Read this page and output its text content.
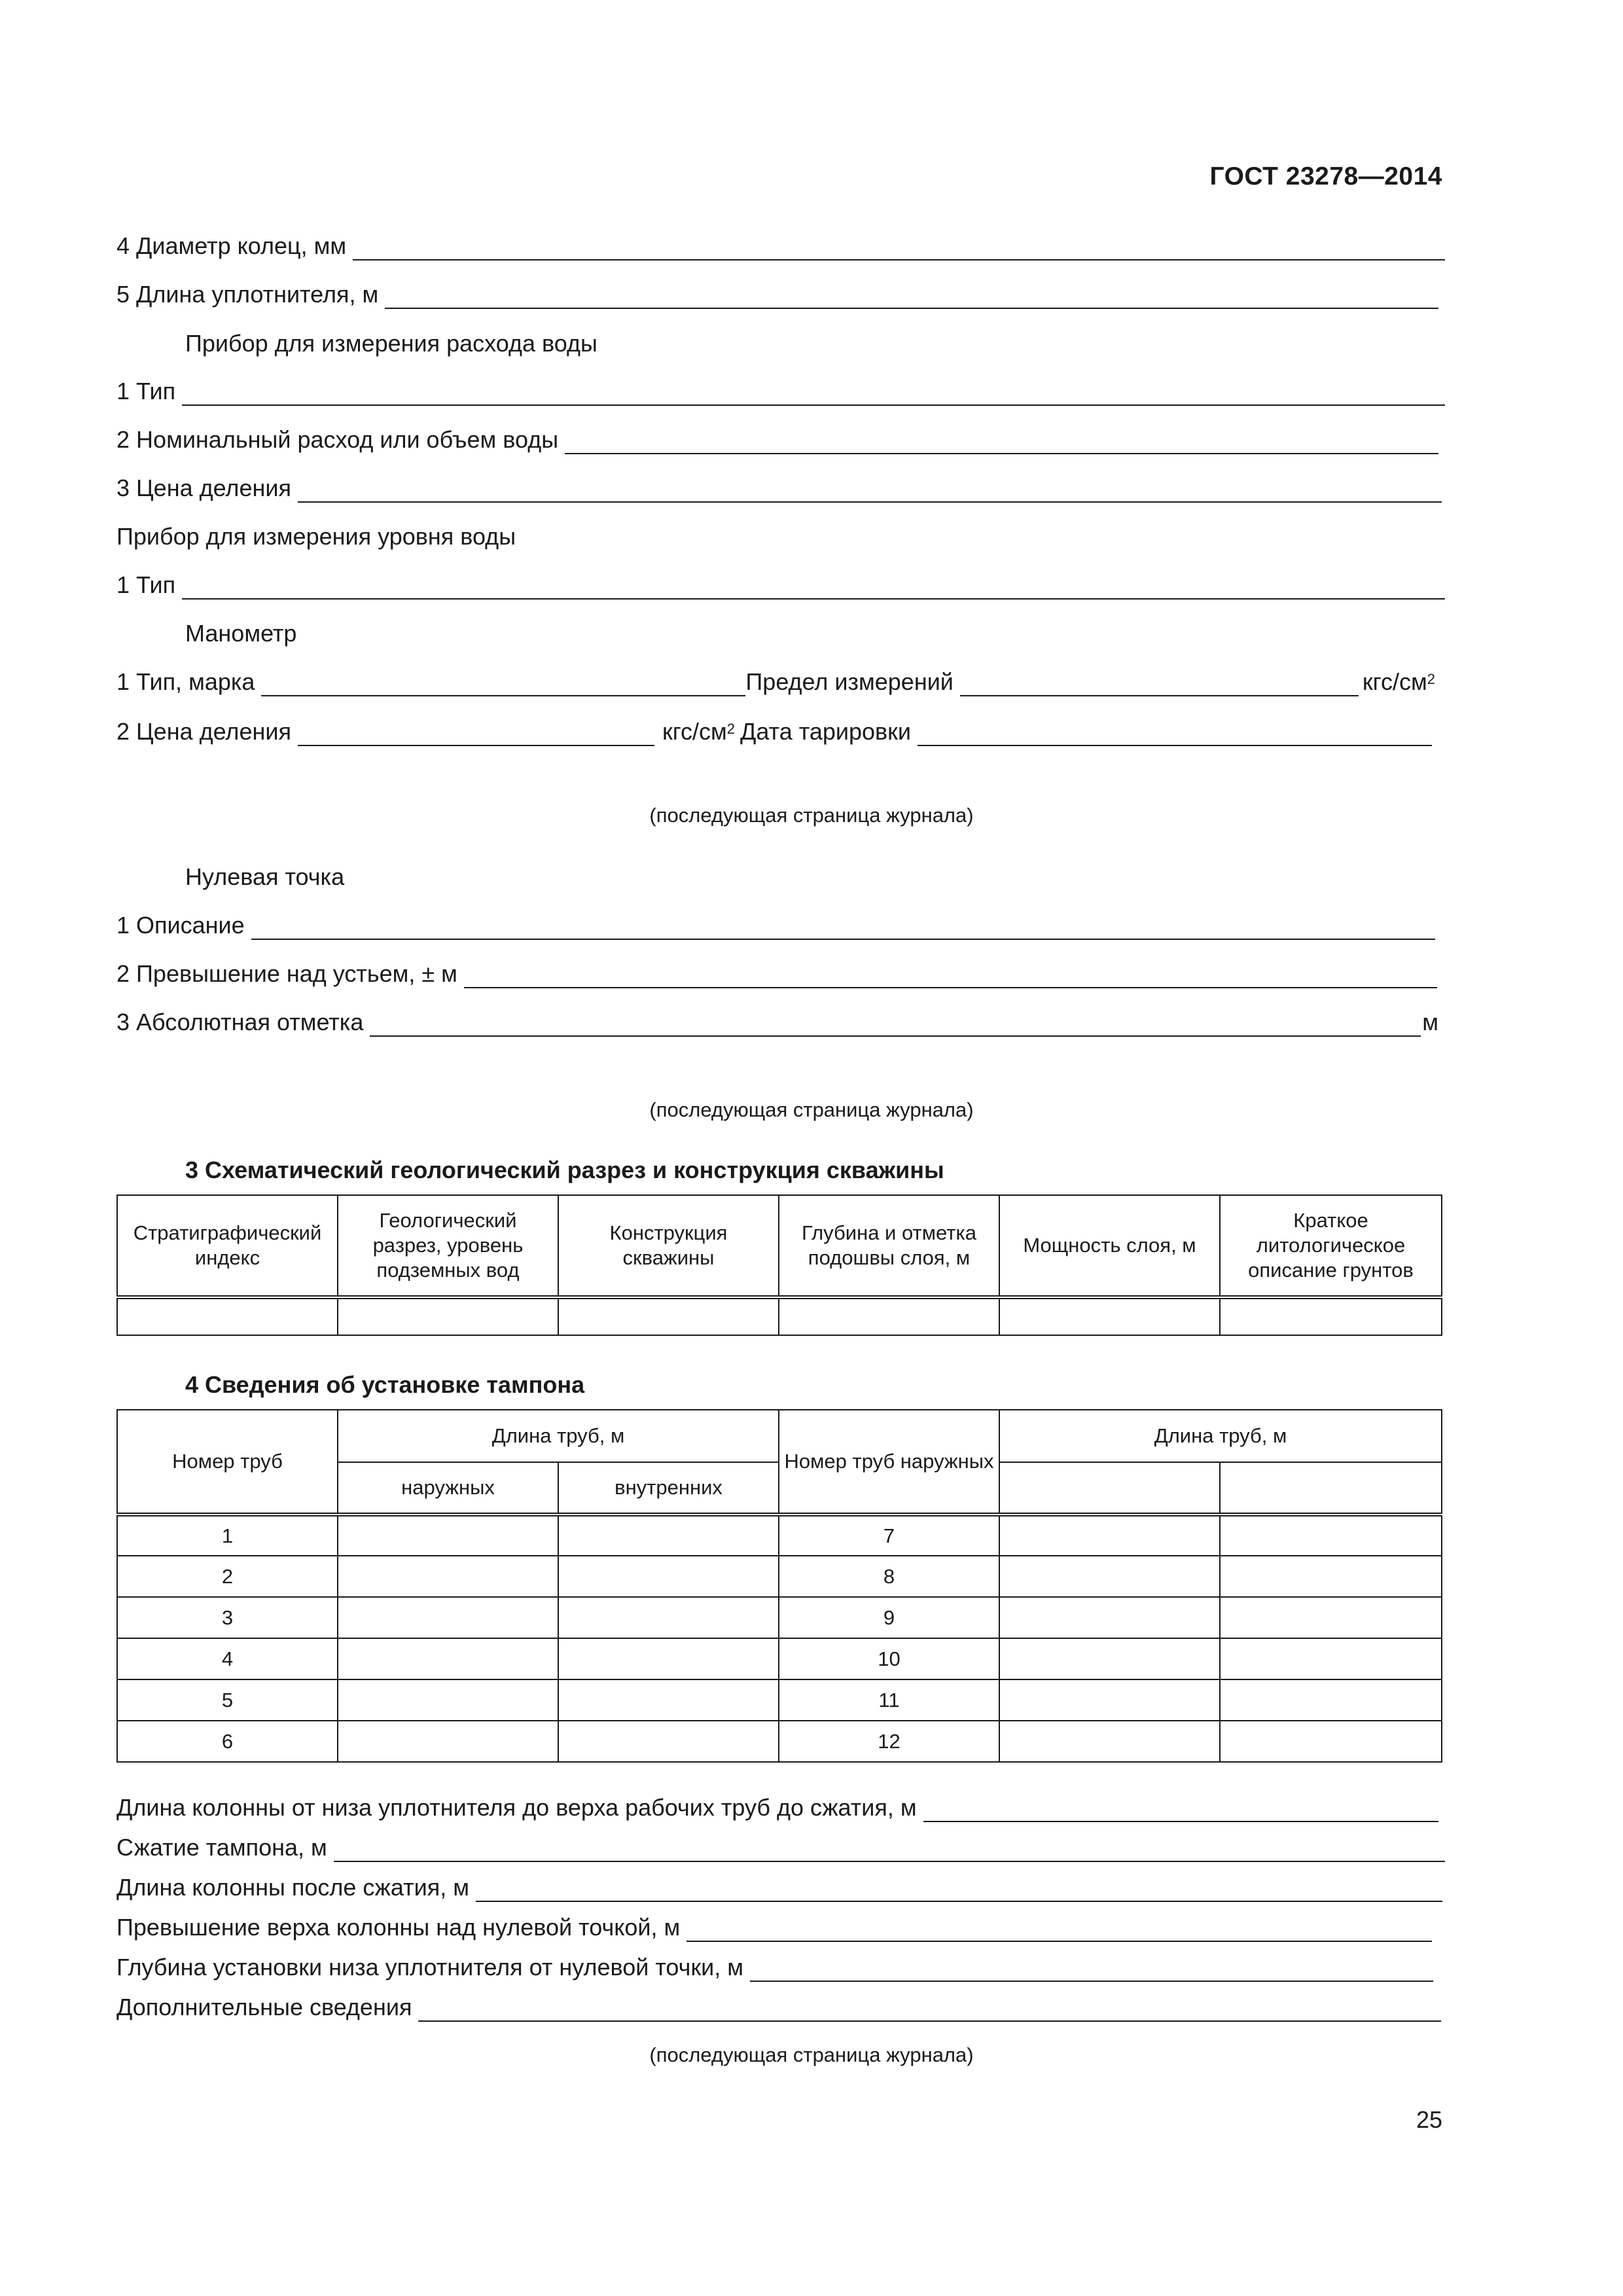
ГОСТ 23278—2014
4
Диаметр колец, мм
5
Длина уплотнителя, м
Прибор для измерения расхода воды
1
Тип
2
Номинальный расход или объем воды
3
Цена деления
Прибор для измерения уровня воды
1
Тип
Манометр
1
Тип, марка	Предел измерений	кгс/$см^2$
2
Цена деления	кгс/$см^2$ Дата тарировки
(последующая страница журнала)
Нулевая точка
1
Описание
2
Превышение над устьем, ± м
3
Абсолютная отметка	м
(последующая страница журнала)
3 Схематический геологический разрез и конструкция скважины
Стратиграфический индекс	Геологический разрез, уровень подземных вод	Конструкция скважины	Глубина и отметка подошвы слоя, м	Мощность слоя, м	Краткое литологическое описание грунтов

4 Сведения об установке тампона
Номер труб	Длина труб, м		Номер труб наружных	Длина труб, м	
	наружных	внутренних			
1			7		
2			8		
3			9		
4			10		
5			11		
6			12		
Длина колонны от низа уплотнителя до верха рабочих труб до сжатия, м
Сжатие тампона, м
Длина колонны после сжатия, м
Превышение верха колонны над нулевой точкой, м
Глубина установки низа уплотнителя от нулевой точки, м
Дополнительные сведения
(последующая страница журнала)
25
